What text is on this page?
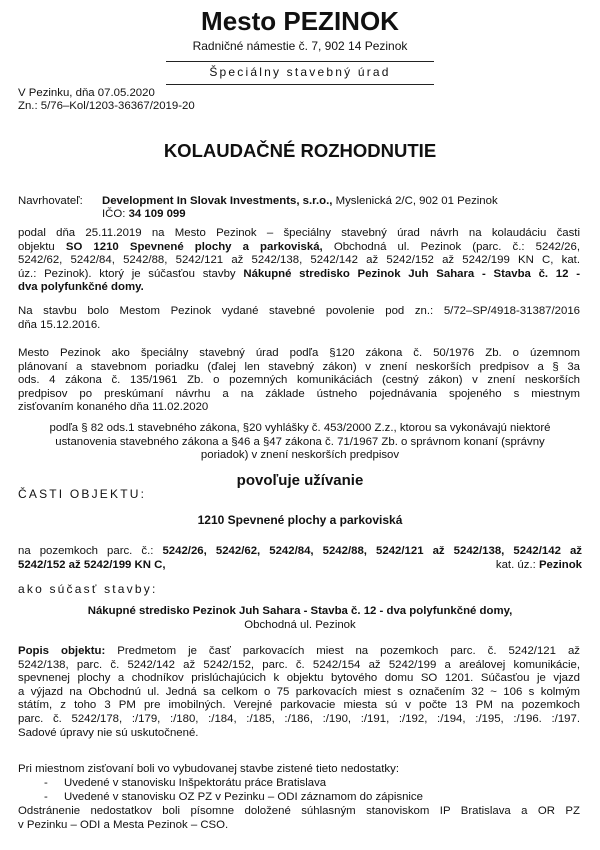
Mesto PEZINOK
Radničné námestie č. 7, 902 14 Pezinok
Špeciálny stavebný úrad
V Pezinku, dňa 07.05.2020
Zn.: 5/76–Kol/1203-36367/2019-20
KOLAUDAČNÉ ROZHODNUTIE
Navrhovateľ: Development In Slovak Investments, s.r.o., Myslenická 2/C, 902 01 Pezinok
IČO: 34 109 099
podal dňa 25.11.2019 na Mesto Pezinok – špeciálny stavebný úrad návrh na kolaudáciu časti
objektu SO 1210 Spevnené plochy a parkoviská, Obchodná ul. Pezinok (parc. č.: 5242/26,
5242/62, 5242/84, 5242/88, 5242/121 až 5242/138, 5242/142 až 5242/152 až 5242/199 KN C, kat.
úz.: Pezinok). ktorý je súčasťou stavby Nákupné stredisko Pezinok Juh Sahara - Stavba č. 12 -
dva polyfunkčné domy.
Na stavbu bolo Mestom Pezinok vydané stavebné povolenie pod zn.: 5/72–SP/4918-31387/2016
dňa 15.12.2016.
Mesto Pezinok ako špeciálny stavebný úrad podľa §120 zákona č. 50/1976 Zb. o územnom
plánovaní a stavebnom poriadku (ďalej len stavebný zákon) v znení neskorších predpisov a § 3a
ods. 4 zákona č. 135/1961 Zb. o pozemných komunikáciách (cestný zákon) v znení neskorších
predpisov po preskúmaní návrhu a na základe ústneho pojednávania spojeného s miestnym
zisťovaním konaného dňa 11.02.2020
podľa § 82 ods.1 stavebného zákona, §20 vyhlášky č. 453/2000 Z.z., ktorou sa vykonávajú niektoré
ustanovenia stavebného zákona a §46 a §47 zákona č. 71/1967 Zb. o správnom konaní (správny
poriadok) v znení neskorších predpisov
povoľuje užívanie
ČASTI OBJEKTU:
1210 Spevnené plochy a parkoviská
na pozemkoch parc. č.: 5242/26, 5242/62, 5242/84, 5242/88, 5242/121 až 5242/138, 5242/142 až
5242/152 až 5242/199 KN C,	kat. úz.: Pezinok
ako súčasť stavby:
Nákupné stredisko Pezinok Juh Sahara - Stavba č. 12 - dva polyfunkčné domy,
Obchodná ul. Pezinok
Popis objektu: Predmetom je časť parkovacích miest na pozemkoch parc. č. 5242/121 až
5242/138, parc. č. 5242/142 až 5242/152, parc. č. 5242/154 až 5242/199 a areálovej komunikácie,
spevnenej plochy a chodníkov prislúchajúcich k objektu bytového domu SO 1201. Súčasťou je vjazd
a výjazd na Obchodnú ul. Jedná sa celkom o 75 parkovacích miest s označením 32 ~ 106 s kolmým
státím, z toho 3 PM pre imobilných. Verejné parkovacie miesta sú v počte 13 PM na pozemkoch
parc. č. 5242/178, :/179, :/180, :/184, :/185, :/186, :/190, :/191, :/192, :/194, :/195, :/196. :/197.
Sadové úpravy nie sú uskutočnené.
Pri miestnom zisťovaní boli vo vybudovanej stavbe zistené tieto nedostatky:
- Uvedené v stanovisku Inšpektorátu práce Bratislava
- Uvedené v stanovisku OZ PZ v Pezinku – ODI záznamom do zápisnice
Odstránenie nedostatkov boli písomne doložené súhlasným stanoviskom IP Bratislava a OR PZ
v Pezinku – ODI a Mesta Pezinok – CSO.
